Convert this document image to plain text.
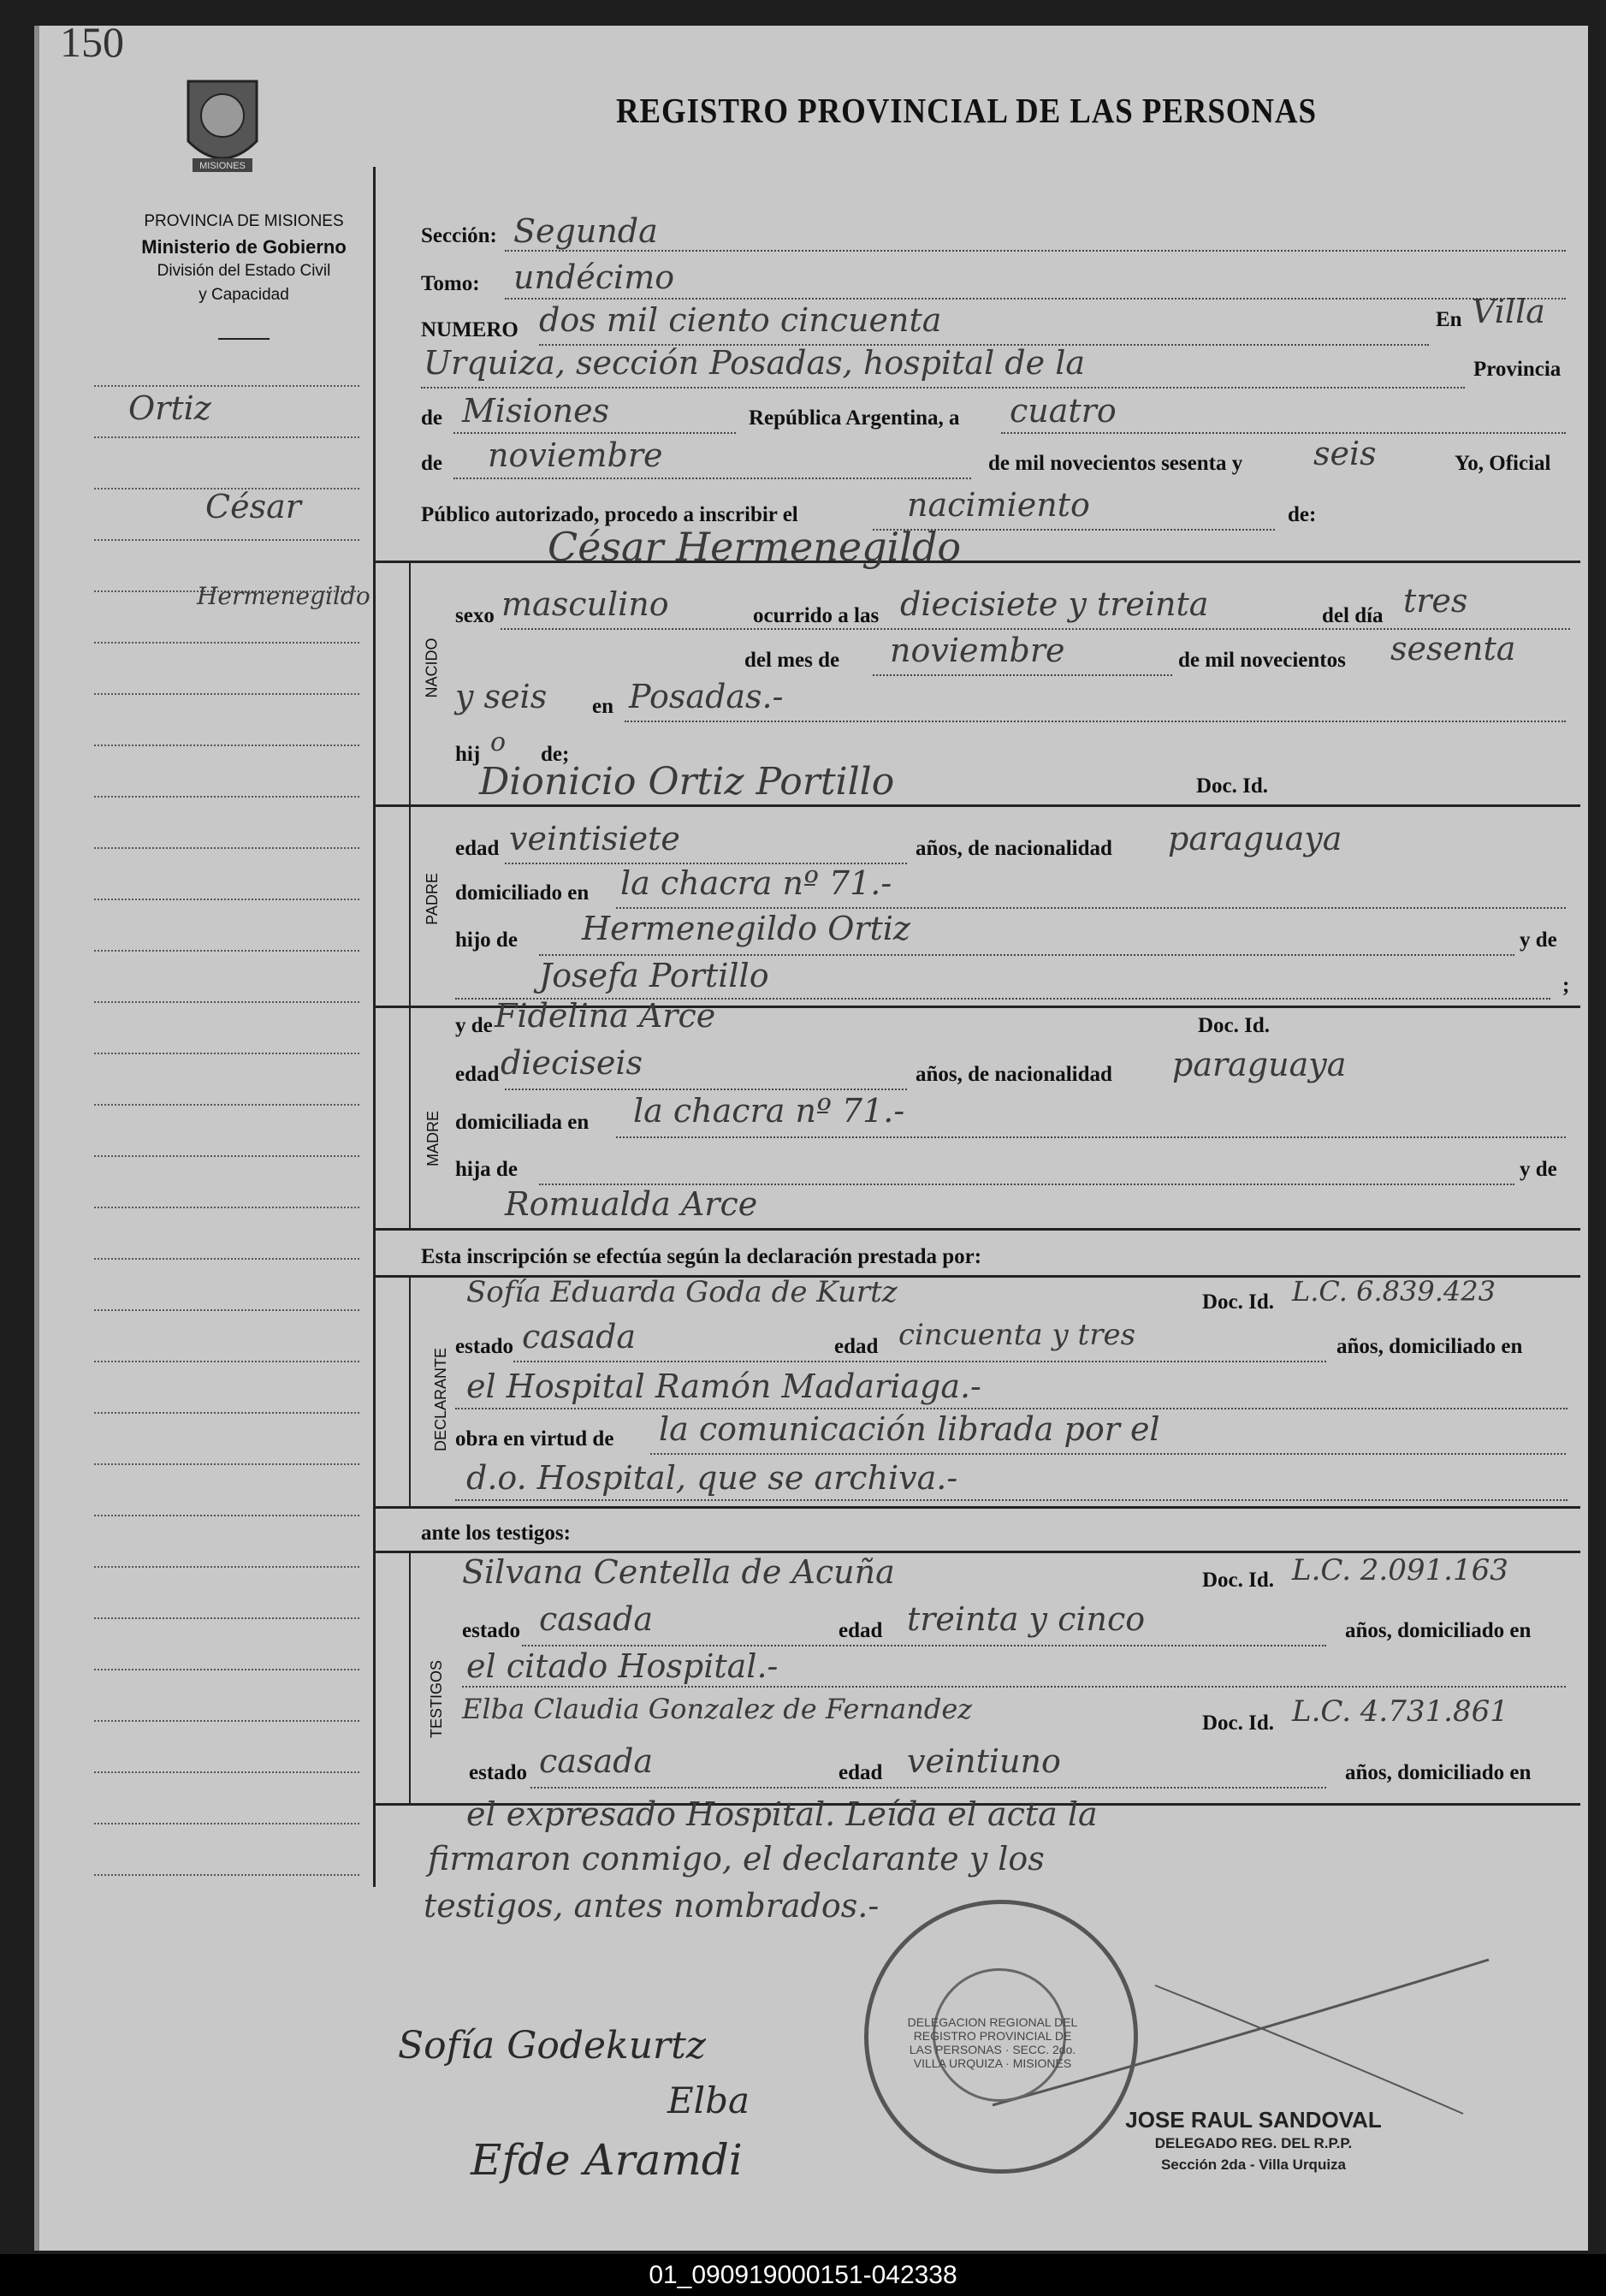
150
MISIONES
REGISTRO PROVINCIAL DE LAS PERSONAS
PROVINCIA DE MISIONES
Ministerio de Gobierno
División del Estado Civil
y Capacidad
Ortiz
César
Hermenegildo
Sección: Segunda
Tomo: undécimo
NUMERO dos mil ciento cincuenta	En Villa
Urquiza, sección Posadas, hospital de la	Provincia
de Misiones	República Argentina, a cuatro
de noviembre	de mil novecientos sesenta y seis	Yo, Oficial
Público autorizado, procedo a inscribir el	nacimiento	de:
César Hermenegildo
NACIDO
sexo masculino	ocurrido a las diecisiete y treinta	del día tres
del mes de noviembre	de mil novecientos sesenta
y seis en Posadas.-
hij o de;
Dionicio Ortiz Portillo	Doc. Id.
PADRE
edad veintisiete	años, de nacionalidad paraguaya
domiciliado en la chacra nº 71.-
hijo de Hermenegildo Ortiz	y de
Josefa Portillo	;
MADRE
y de Fidelina Arce	Doc. Id.
edad dieciseis	años, de nacionalidad paraguaya
domiciliada en la chacra nº 71.-
hija de	y de
Romualda Arce
Esta inscripción se efectúa según la declaración prestada por:
DECLARANTE
Sofía Eduarda Goda de Kurtz	Doc. Id. L.C. 6.839.423
estado casada	edad cincuenta y tres	años, domiciliado en
el Hospital Ramón Madariaga.-
obra en virtud de la comunicación librada por el
d.o. Hospital, que se archiva.-
ante los testigos:
TESTIGOS
Silvana Centella de Acuña	Doc. Id. L.C. 2.091.163
estado casada	edad treinta y cinco	años, domiciliado en
el citado Hospital.-
Elba Claudia Gonzalez de Fernandez	Doc. Id. L.C. 4.731.861
estado casada	edad veintiuno	años, domiciliado en
el expresado Hospital. Leída el acta la
firmaron conmigo, el declarante y los
testigos, antes nombrados.-
DELEGACION REGIONAL DEL REGISTRO PROVINCIAL DE LAS PERSONAS · SECC. 2do. VILLA URQUIZA · MISIONES
Sofía Godekurtz
Elba
Efde Aramdi
JOSE RAUL SANDOVAL
DELEGADO REG. DEL R.P.P.
Sección 2da - Villa Urquiza
01_090919000151-042338
